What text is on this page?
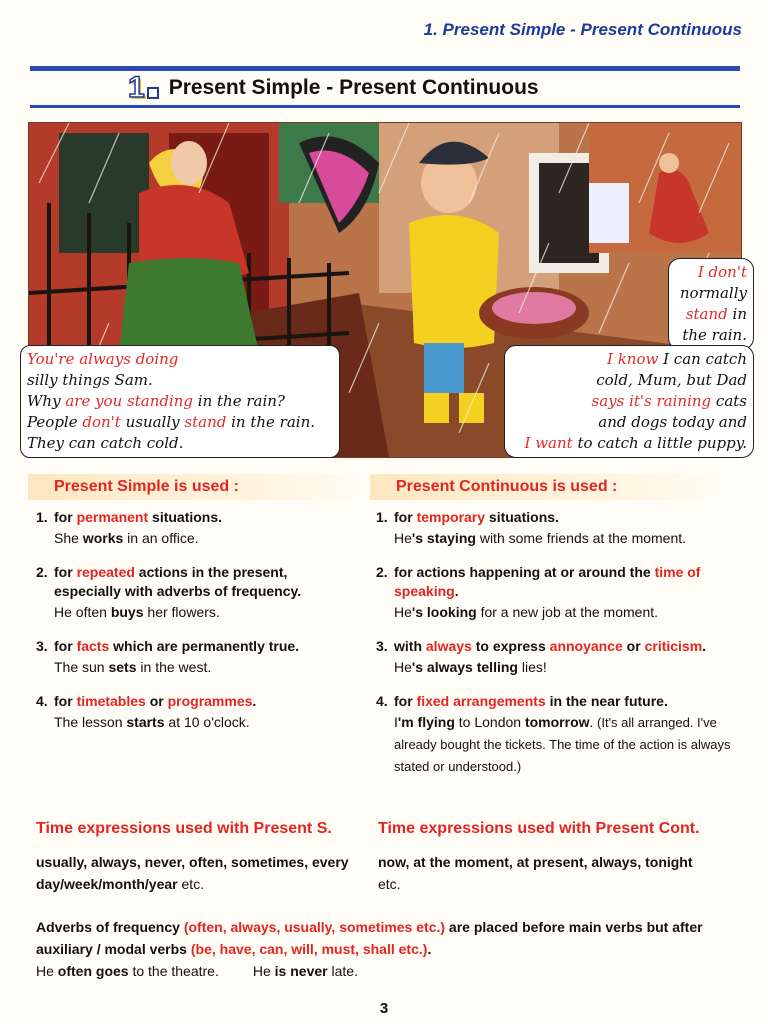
1. Present Simple - Present Continuous
1 Present Simple - Present Continuous

You're always doing

silly things Sam.

Why are you standing in the rain?

People don't usually stand in the rain.

They can catch cold.

I don't

normally

stand in

the rain.

I know I can catch

cold, Mum, but Dad

says it's raining cats

and dogs today and

I want to catch a little puppy.

Present Simple is used :	Present Continuous is used :
1. for permanent situations.
She works in an office.
2. for repeated actions in the present, especially with adverbs of frequency.
He often buys her flowers.
3. for facts which are permanently true.
The sun sets in the west.
4. for timetables or programmes.
The lesson starts at 10 o'clock.
1. for temporary situations.
He's staying with some friends at the moment.
2. for actions happening at or around the time of speaking.
He's looking for a new job at the moment.
3. with always to express annoyance or criticism.
He's always telling lies!
4. for fixed arrangements in the near future.
I'm flying to London tomorrow. (It's all arranged. I've already bought the tickets. The time of the action is always stated or understood.)
Time expressions used with Present S.	Time expressions used with Present Cont.
usually, always, never, often, sometimes, every day/week/month/year etc.
now, at the moment, at present, always, tonight etc.
Adverbs of frequency (often, always, usually, sometimes etc.) are placed before main verbs but after auxiliary / modal verbs (be, have, can, will, must, shall etc.).
He often goes to the theatre. He is never late.
3
